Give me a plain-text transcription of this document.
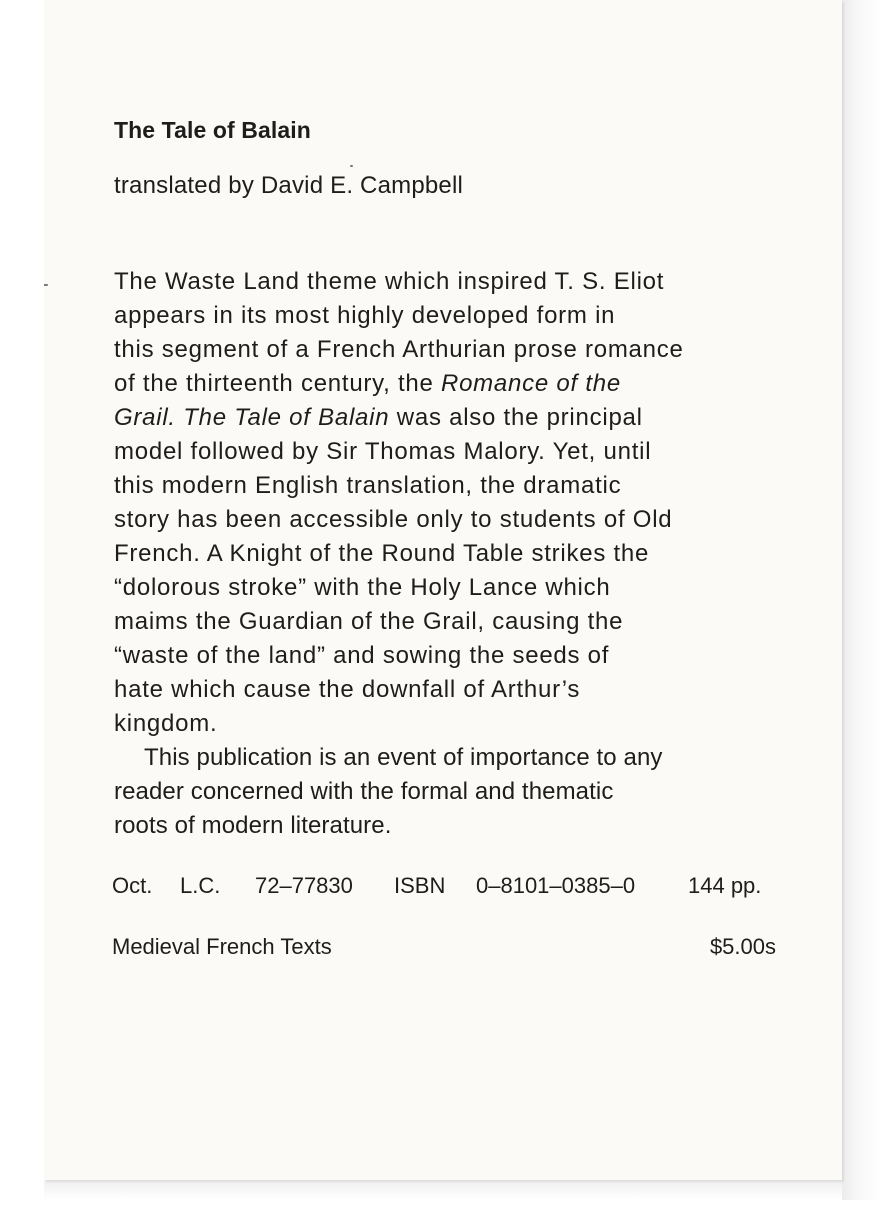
The Tale of Balain
translated by David E. Campbell
The Waste Land theme which inspired T. S. Eliot
appears in its most highly developed form in
this segment of a French Arthurian prose romance
of the thirteenth century, the Romance of the
Grail. The Tale of Balain was also the principal
model followed by Sir Thomas Malory. Yet, until
this modern English translation, the dramatic
story has been accessible only to students of Old
French. A Knight of the Round Table strikes the
“dolorous stroke” with the Holy Lance which
maims the Guardian of the Grail, causing the
“waste of the land” and sowing the seeds of
hate which cause the downfall of Arthur’s
kingdom.
This publication is an event of importance to any
reader concerned with the formal and thematic
roots of modern literature.
Oct. L.C. 72–77830 ISBN 0–8101–0385–0 144 pp.
Medieval French Texts	$5.00s
